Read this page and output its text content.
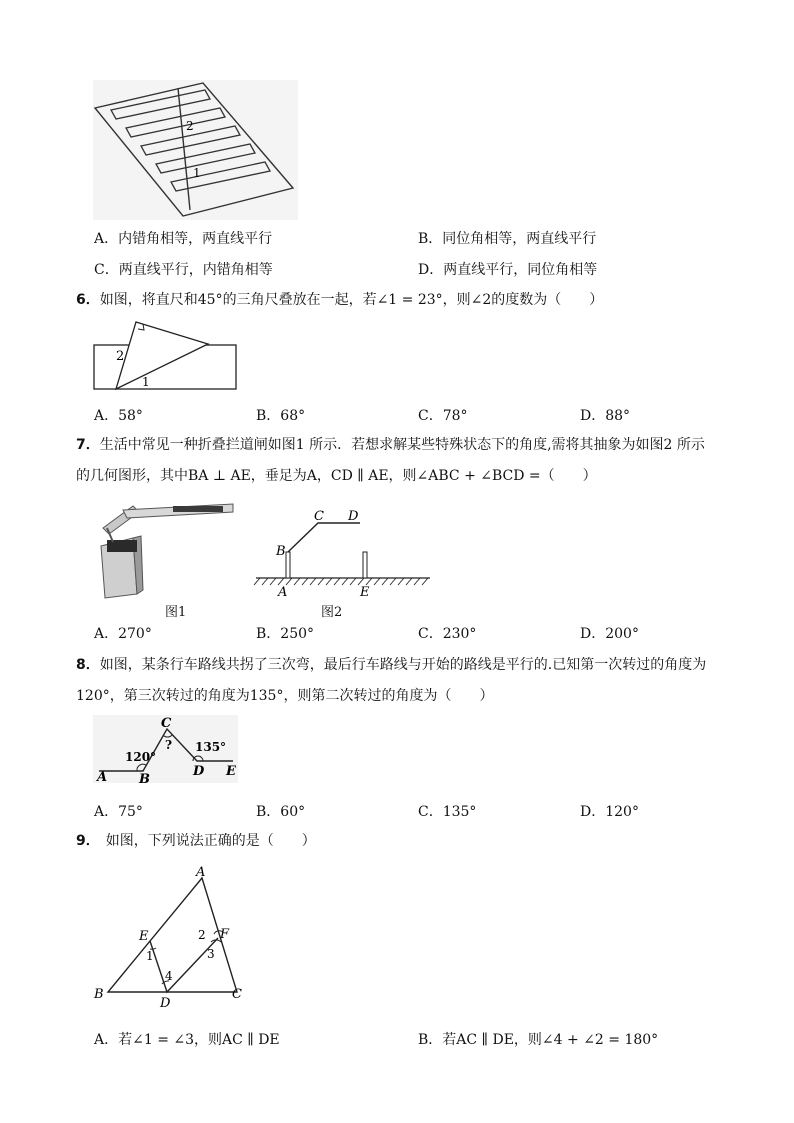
2
1
A．内错角相等，两直线平行	B．同位角相等，两直线平行
C．两直线平行，内错角相等	D．两直线平行，同位角相等
6．如图，将直尺和45°的三角尺叠放在一起，若∠1 = 23°，则∠2的度数为（　　）
2
1
A．58°	B．68°	C．78°	D．88°
7．生活中常见一种折叠拦道闸如图1 所示．若想求解某些特殊状态下的角度,需将其抽象为如图2 所示
的几何图形，其中BA ⊥ AE，垂足为A，CD ∥ AE，则∠ABC + ∠BCD =（　　）
图1
B
C D
A	E
图2
A．270°	B．250°	C．230°	D．200°
8．如图，某条行车路线共拐了三次弯，最后行车路线与开始的路线是平行的.已知第一次转过的角度为
120°，第三次转过的角度为135°，则第二次转过的角度为（　　）
120°
? 135°
C
A B
D E
A．75°	B．60°	C．135°	D．120°
9． 如图，下列说法正确的是（　　）
A
E	F
B
D
C
1
2
3
4
A．若∠1 = ∠3，则AC ∥ DE	B．若AC ∥ DE，则∠4 + ∠2 = 180°
